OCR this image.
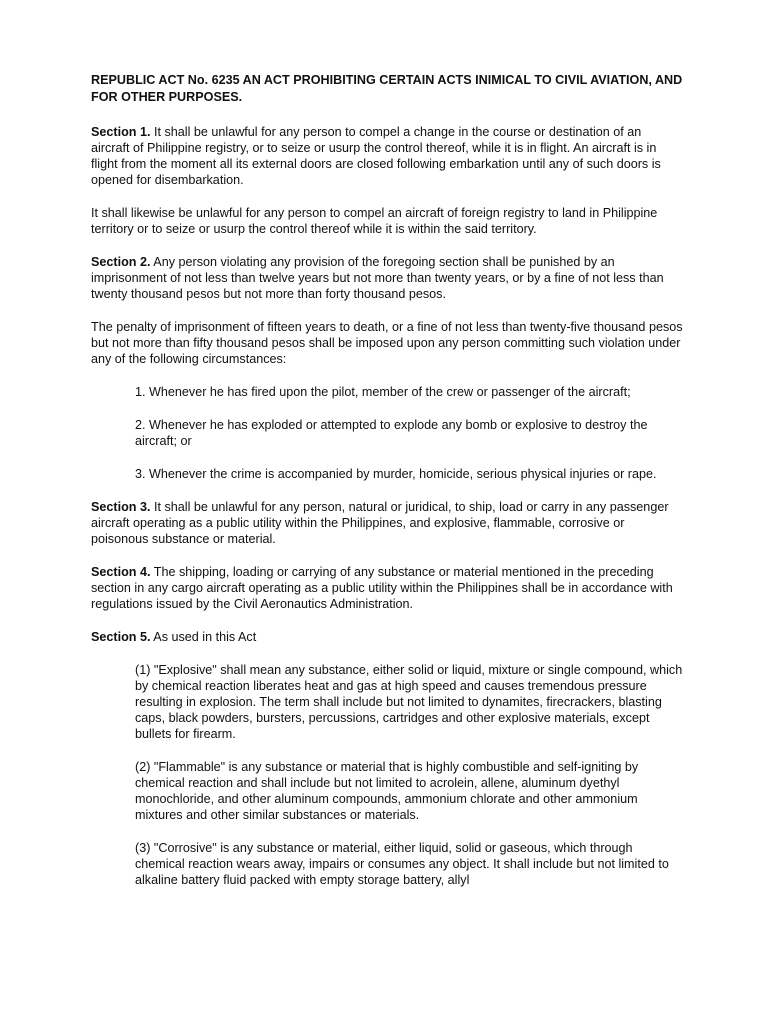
REPUBLIC ACT No. 6235 AN ACT PROHIBITING CERTAIN ACTS INIMICAL TO CIVIL AVIATION, AND FOR OTHER PURPOSES.

Section 1. It shall be unlawful for any person to compel a change in the course or destination of an aircraft of Philippine registry, or to seize or usurp the control thereof, while it is in flight. An aircraft is in flight from the moment all its external doors are closed following embarkation until any of such doors is opened for disembarkation.

It shall likewise be unlawful for any person to compel an aircraft of foreign registry to land in Philippine territory or to seize or usurp the control thereof while it is within the said territory.

Section 2. Any person violating any provision of the foregoing section shall be punished by an imprisonment of not less than twelve years but not more than twenty years, or by a fine of not less than twenty thousand pesos but not more than forty thousand pesos.

The penalty of imprisonment of fifteen years to death, or a fine of not less than twenty-five thousand pesos but not more than fifty thousand pesos shall be imposed upon any person committing such violation under any of the following circumstances:

1. Whenever he has fired upon the pilot, member of the crew or passenger of the aircraft;

2. Whenever he has exploded or attempted to explode any bomb or explosive to destroy the aircraft; or

3. Whenever the crime is accompanied by murder, homicide, serious physical injuries or rape.

Section 3. It shall be unlawful for any person, natural or juridical, to ship, load or carry in any passenger aircraft operating as a public utility within the Philippines, and explosive, flammable, corrosive or poisonous substance or material.

Section 4. The shipping, loading or carrying of any substance or material mentioned in the preceding section in any cargo aircraft operating as a public utility within the Philippines shall be in accordance with regulations issued by the Civil Aeronautics Administration.

Section 5. As used in this Act

(1) "Explosive" shall mean any substance, either solid or liquid, mixture or single compound, which by chemical reaction liberates heat and gas at high speed and causes tremendous pressure resulting in explosion. The term shall include but not limited to dynamites, firecrackers, blasting caps, black powders, bursters, percussions, cartridges and other explosive materials, except bullets for firearm.

(2) "Flammable" is any substance or material that is highly combustible and self-igniting by chemical reaction and shall include but not limited to acrolein, allene, aluminum dyethyl monochloride, and other aluminum compounds, ammonium chlorate and other ammonium mixtures and other similar substances or materials.

(3) "Corrosive" is any substance or material, either liquid, solid or gaseous, which through chemical reaction wears away, impairs or consumes any object. It shall include but not limited to alkaline battery fluid packed with empty storage battery, allyl
